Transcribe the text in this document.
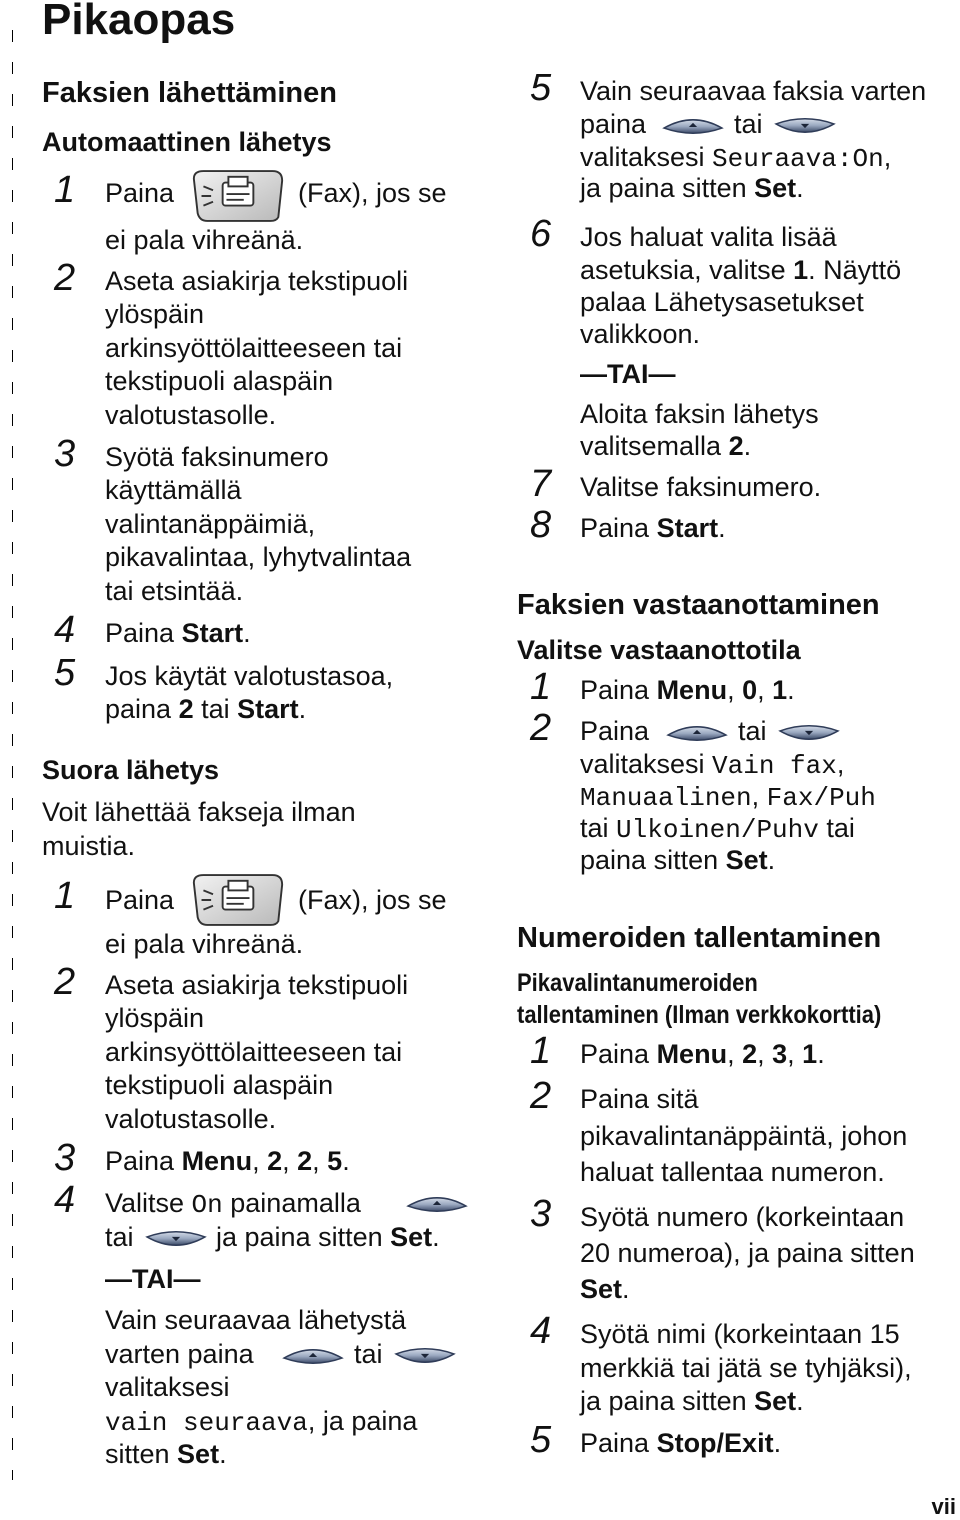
Pikaopas
Faksien lähettäminen
Automaattinen lähetys
1 Paina	(Fax), jos se
ei pala vihreänä.
2 Aseta asiakirja tekstipuoli
ylöspäin
arkinsyöttölaitteeseen tai
tekstipuoli alaspäin
valotustasolle.
3 Syötä faksinumero
käyttämällä
valintanäppäimiä,
pikavalintaa, lyhytvalintaa
tai etsintää.
4 Paina Start.
5 Jos käytät valotustasoa,
paina 2 tai Start.
Suora lähetys
Voit lähettää fakseja ilman
muistia.
1 Paina	(Fax), jos se
ei pala vihreänä.
2 Aseta asiakirja tekstipuoli
ylöspäin
arkinsyöttölaitteeseen tai
tekstipuoli alaspäin
valotustasolle.
3 Paina Menu, 2, 2, 5.
4 Valitse On painamalla
tai	ja paina sitten Set.
—TAI—
Vain seuraavaa lähetystä
varten paina	tai
valitaksesi
vain seuraava, ja paina
sitten Set.
5 Vain seuraavaa faksia varten
paina	tai
valitaksesi Seuraava:On,
ja paina sitten Set.
6 Jos haluat valita lisää
asetuksia, valitse 1. Näyttö
palaa Lähetysasetukset
valikkoon.
—TAI—
Aloita faksin lähetys
valitsemalla 2.
7 Valitse faksinumero.
8 Paina Start.
Faksien vastaanottaminen
Valitse vastaanottotila
1 Paina Menu, 0, 1.
2 Paina	tai
valitaksesi Vain fax,
Manuaalinen, Fax/Puh
tai Ulkoinen/Puhv tai
paina sitten Set.
Numeroiden tallentaminen
Pikavalintanumeroiden
tallentaminen (Ilman verkkokorttia)
1 Paina Menu, 2, 3, 1.
2 Paina sitä
pikavalintanäppäintä, johon
haluat tallentaa numeron.
3 Syötä numero (korkeintaan
20 numeroa), ja paina sitten
Set.
4 Syötä nimi (korkeintaan 15
merkkiä tai jätä se tyhjäksi),
ja paina sitten Set.
5 Paina Stop/Exit.
vii
